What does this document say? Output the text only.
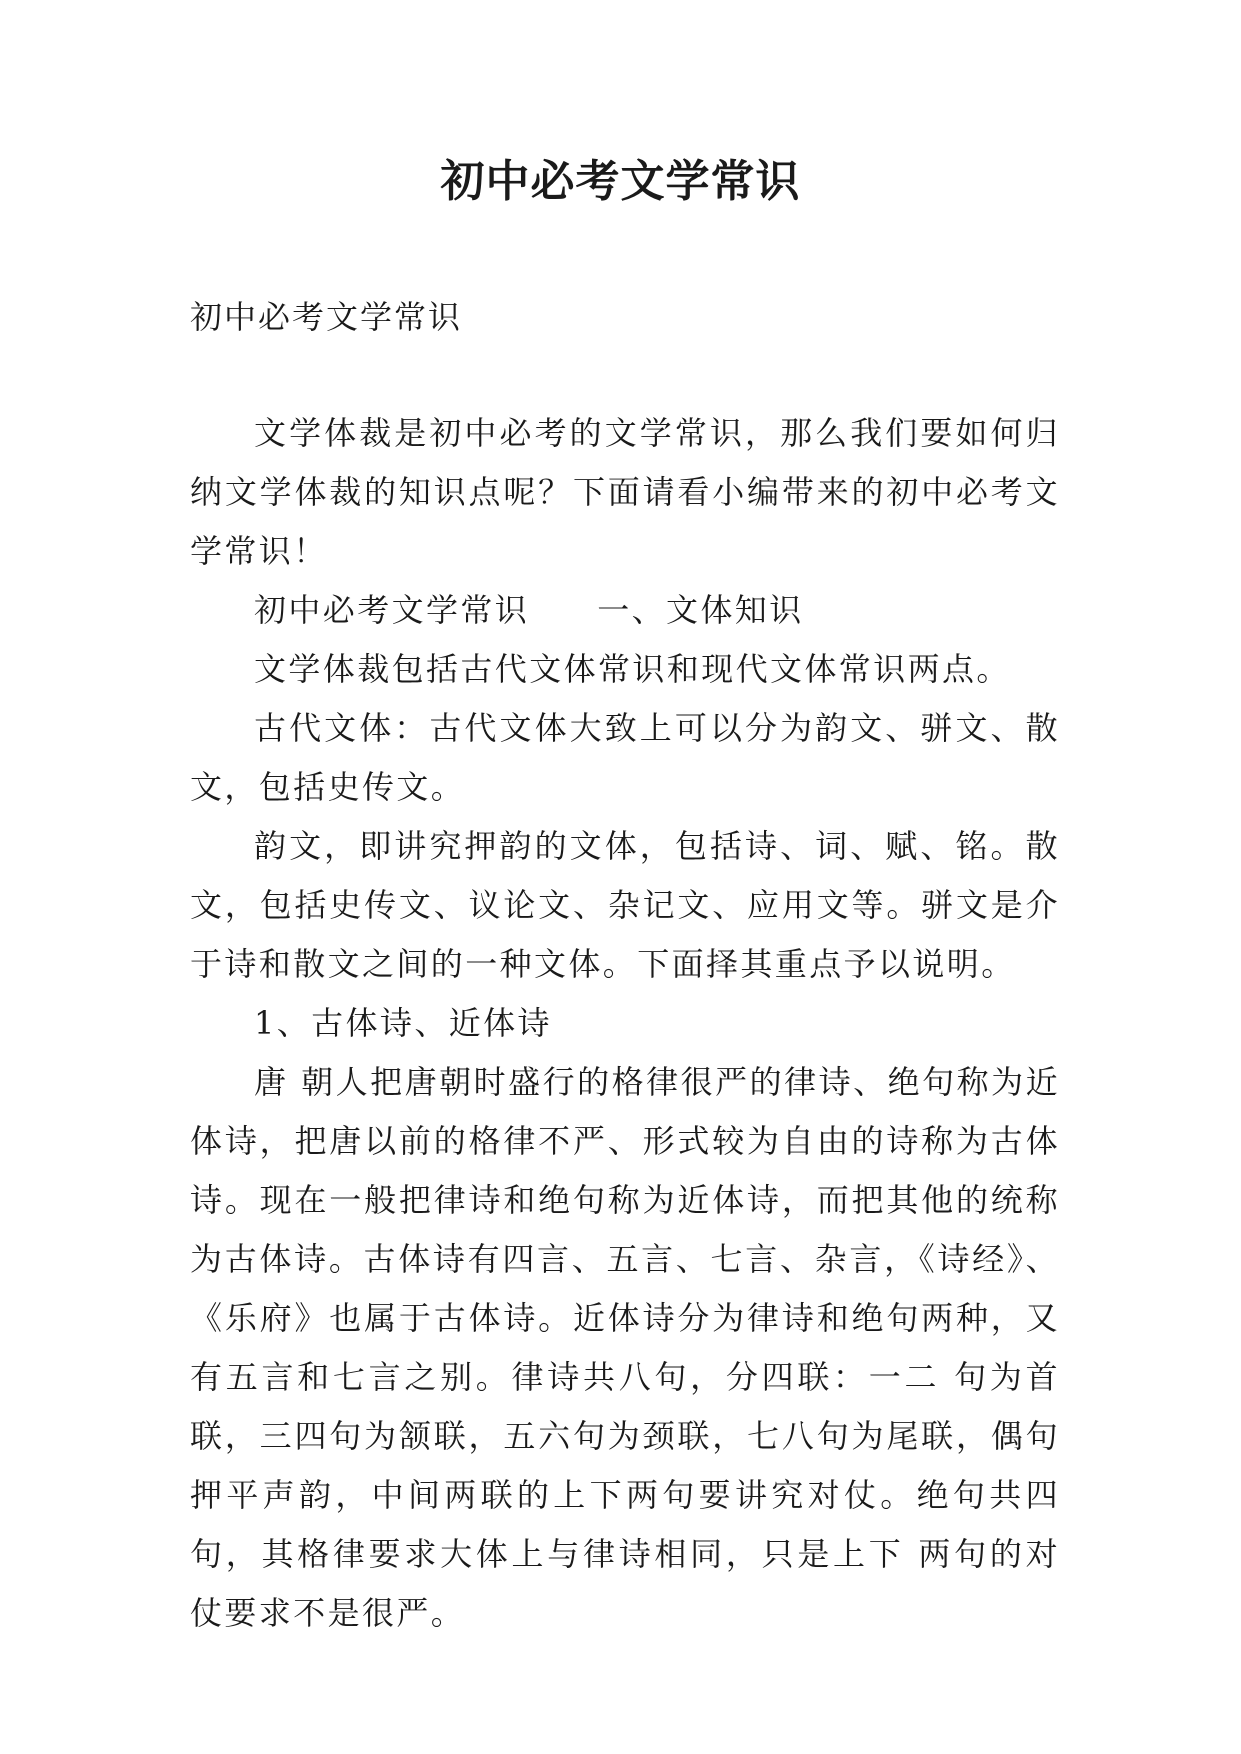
初中必考文学常识
初中必考文学常识

文学体裁是初中必考的文学常识，那么我们要如何归纳文学体裁的知识点呢？下面请看小编带来的初中必考文学常识！

初中必考文学常识 一、文体知识

文学体裁包括古代文体常识和现代文体常识两点。

古代文体：古代文体大致上可以分为韵文、骈文、散文，包括史传文。

韵文，即讲究押韵的文体，包括诗、词、赋、铭。散文，包括史传文、议论文、杂记文、应用文等。骈文是介于诗和散文之间的一种文体。下面择其重点予以说明。

1、古体诗、近体诗

唐 朝人把唐朝时盛行的格律很严的律诗、绝句称为近体诗，把唐以前的格律不严、形式较为自由的诗称为古体诗。现在一般把律诗和绝句称为近体诗，而把其他的统称 为古体诗。古体诗有四言、五言、七言、杂言，《诗经》、《乐府》也属于古体诗。近体诗分为律诗和绝句两种，又有五言和七言之别。律诗共八句，分四联：一二 句为首联，三四句为颔联，五六句为颈联，七八句为尾联，偶句押平声韵，中间两联的上下两句要讲究对仗。绝句共四句，其格律要求大体上与律诗相同，只是上下 两句的对仗要求不是很严。
